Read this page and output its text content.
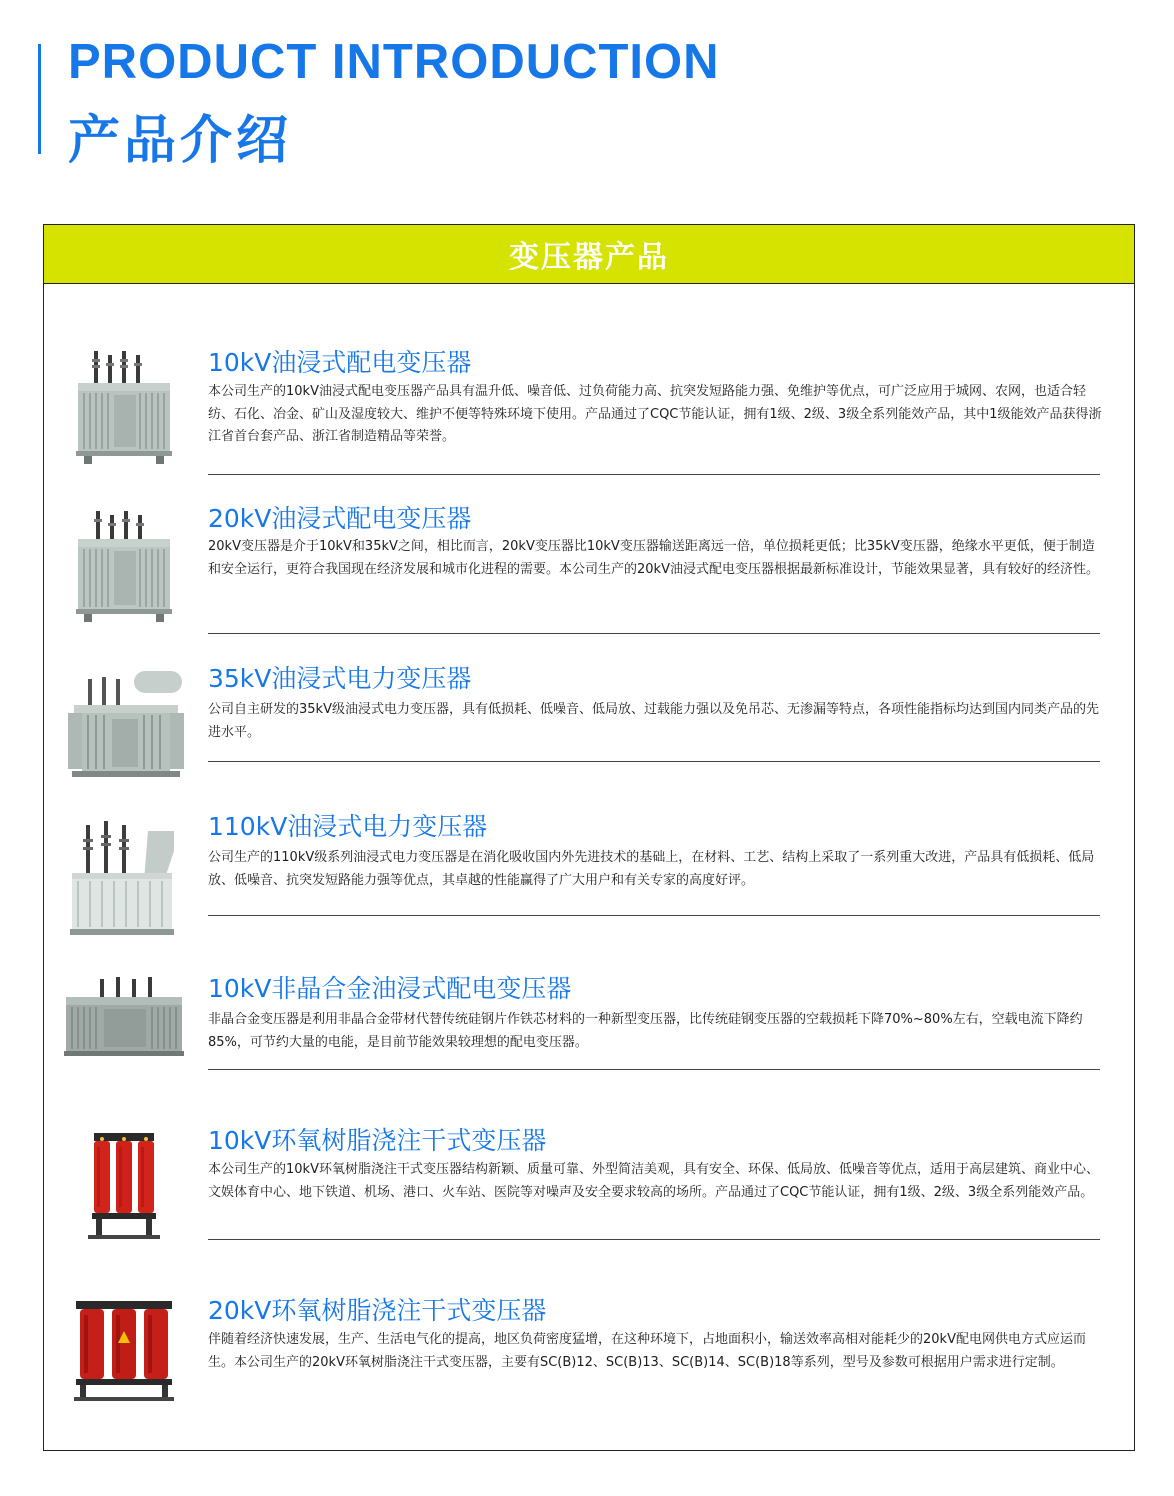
PRODUCT INTRODUCTION
产品介绍
变压器产品
10kV油浸式配电变压器
本公司生产的10kV油浸式配电变压器产品具有温升低、噪音低、过负荷能力高、抗突发短路能力强、免维护等优点，可广泛应用于城网、农网，也适合轻纺、石化、冶金、矿山及湿度较大、维护不便等特殊环境下使用。产品通过了CQC节能认证，拥有1级、2级、3级全系列能效产品，其中1级能效产品获得浙江省首台套产品、浙江省制造精品等荣誉。
20kV油浸式配电变压器
20kV变压器是介于10kV和35kV之间，相比而言，20kV变压器比10kV变压器输送距离远一倍，单位损耗更低；比35kV变压器，绝缘水平更低，便于制造和安全运行，更符合我国现在经济发展和城市化进程的需要。本公司生产的20kV油浸式配电变压器根据最新标准设计，节能效果显著，具有较好的经济性。
35kV油浸式电力变压器
公司自主研发的35kV级油浸式电力变压器，具有低损耗、低噪音、低局放、过载能力强以及免吊芯、无渗漏等特点，各项性能指标均达到国内同类产品的先进水平。
110kV油浸式电力变压器
公司生产的110kV级系列油浸式电力变压器是在消化吸收国内外先进技术的基础上，在材料、工艺、结构上采取了一系列重大改进，产品具有低损耗、低局放、低噪音、抗突发短路能力强等优点，其卓越的性能赢得了广大用户和有关专家的高度好评。
10kV非晶合金油浸式配电变压器
非晶合金变压器是利用非晶合金带材代替传统硅钢片作铁芯材料的一种新型变压器，比传统硅钢变压器的空载损耗下降70%~80%左右，空载电流下降约85%，可节约大量的电能，是目前节能效果较理想的配电变压器。
10kV环氧树脂浇注干式变压器
本公司生产的10kV环氧树脂浇注干式变压器结构新颖、质量可靠、外型简洁美观，具有安全、环保、低局放、低噪音等优点，适用于高层建筑、商业中心、文娱体育中心、地下铁道、机场、港口、火车站、医院等对噪声及安全要求较高的场所。产品通过了CQC节能认证，拥有1级、2级、3级全系列能效产品。
20kV环氧树脂浇注干式变压器
伴随着经济快速发展，生产、生活电气化的提高，地区负荷密度猛增，在这种环境下，占地面积小，输送效率高相对能耗少的20kV配电网供电方式应运而生。本公司生产的20kV环氧树脂浇注干式变压器，主要有SC(B)12、SC(B)13、SC(B)14、SC(B)18等系列，型号及参数可根据用户需求进行定制。
